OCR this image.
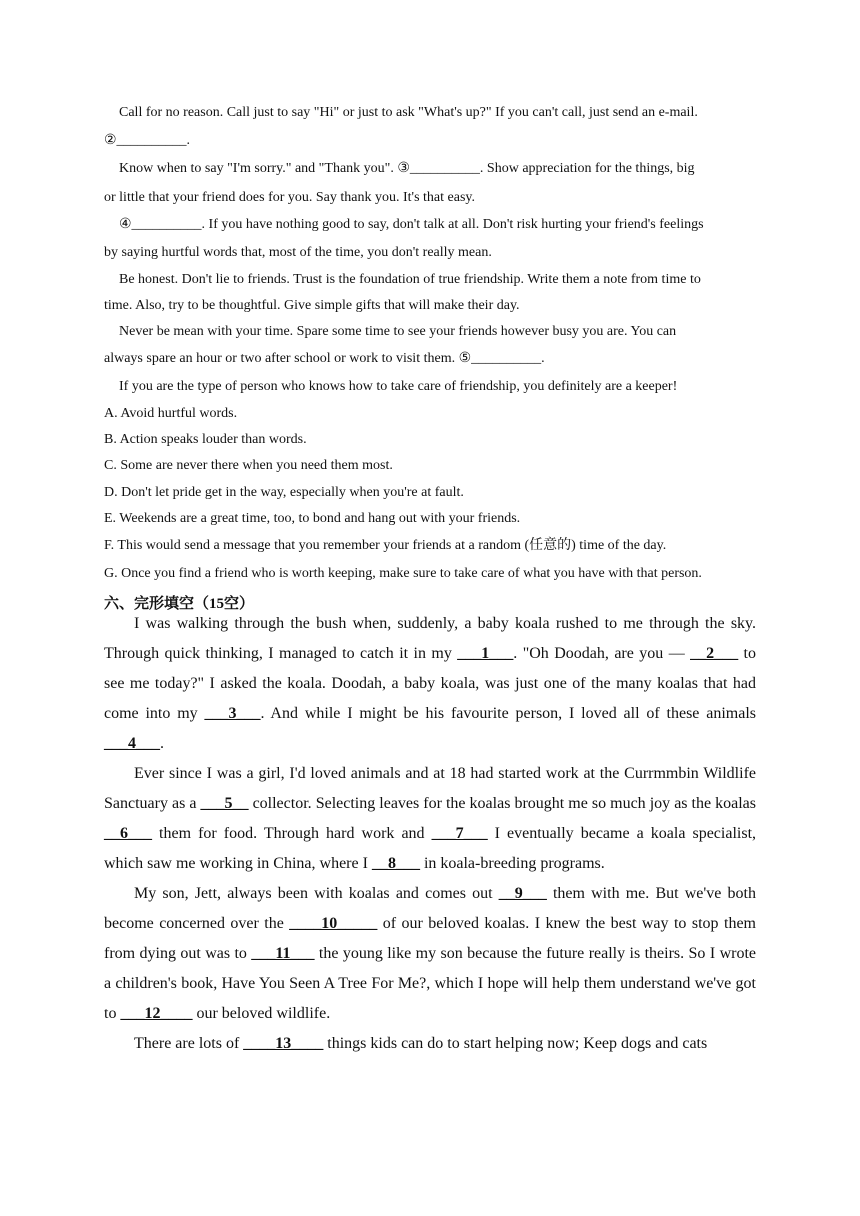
Call for no reason. Call just to say "Hi" or just to ask "What's up?" If you can't call, just send an e-mail.
②__________.
Know when to say "I'm sorry." and "Thank you". ③__________. Show appreciation for the things, big
or little that your friend does for you. Say thank you. It's that easy.
④__________. If you have nothing good to say, don't talk at all. Don't risk hurting your friend's feelings
by saying hurtful words that, most of the time, you don't really mean.
Be honest. Don't lie to friends. Trust is the foundation of true friendship. Write them a note from time to
time. Also, try to be thoughtful. Give simple gifts that will make their day.
Never be mean with your time. Spare some time to see your friends however busy you are. You can
always spare an hour or two after school or work to visit them. ⑤__________.
If you are the type of person who knows how to take care of friendship, you definitely are a keeper!
A. Avoid hurtful words.
B. Action speaks louder than words.
C. Some are never there when you need them most.
D. Don't let pride get in the way, especially when you're at fault.
E. Weekends are a great time, too, to bond and hang out with your friends.
F. This would send a message that you remember your friends at a random (任意的) time of the day.
G. Once you find a friend who is worth keeping, make sure to take care of what you have with that person.
六、完形填空（15空）

I was walking through the bush when, suddenly, a baby koala rushed to me through the sky. Through quick thinking, I managed to catch it in my ___1___. "Oh Doodah, are you — __2___ to see me today?" I asked the koala. Doodah, a baby koala, was just one of the many koalas that had come into my ___3___. And while I might be his favourite person, I loved all of these animals ___4___.

Ever since I was a girl, I'd loved animals and at 18 had started work at the Currmmbin Wildlife Sanctuary as a ___5__ collector. Selecting leaves for the koalas brought me so much joy as the koalas __6___ them for food. Through hard work and ___7___ I eventually became a koala specialist, which saw me working in China, where I __8___ in koala-breeding programs.

My son, Jett, always been with koalas and comes out __9___ them with me. But we've both become concerned over the ____10_____ of our beloved koalas. I knew the best way to stop them from dying out was to ___11___ the young like my son because the future really is theirs. So I wrote a children's book, Have You Seen A Tree For Me?, which I hope will help them understand we've got to ___12____ our beloved wildlife.

There are lots of ____13____ things kids can do to start helping now; Keep dogs and cats
